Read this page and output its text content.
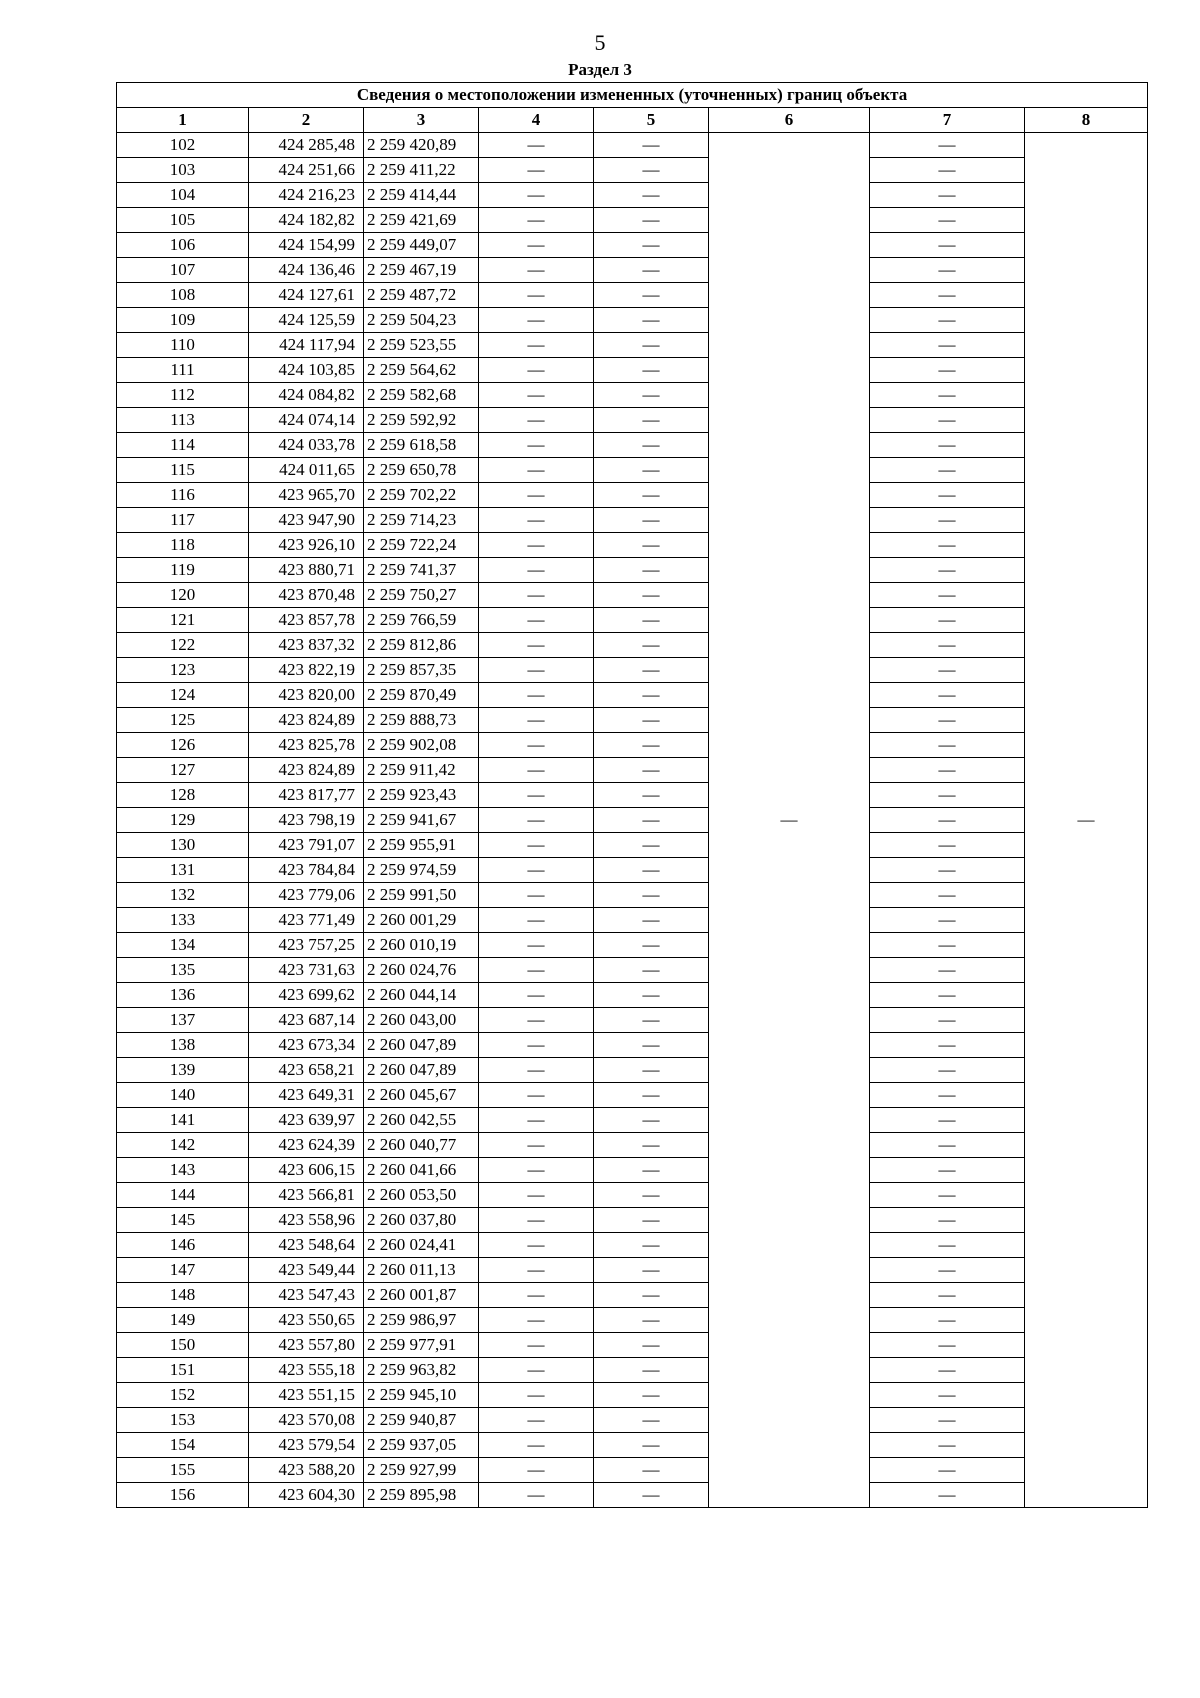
5
Раздел 3
Сведения о местоположении измененных (уточненных) границ объекта							
1	2	3	4	5	6	7	8
102	424 285,48	2 259 420,89	—	—	—	—	—
103	424 251,66	2 259 411,22	—	—		—	
104	424 216,23	2 259 414,44	—	—		—	
105	424 182,82	2 259 421,69	—	—		—	
106	424 154,99	2 259 449,07	—	—		—	
107	424 136,46	2 259 467,19	—	—		—	
108	424 127,61	2 259 487,72	—	—		—	
109	424 125,59	2 259 504,23	—	—		—	
110	424 117,94	2 259 523,55	—	—		—	
111	424 103,85	2 259 564,62	—	—		—	
112	424 084,82	2 259 582,68	—	—		—	
113	424 074,14	2 259 592,92	—	—		—	
114	424 033,78	2 259 618,58	—	—		—	
115	424 011,65	2 259 650,78	—	—		—	
116	423 965,70	2 259 702,22	—	—		—	
117	423 947,90	2 259 714,23	—	—		—	
118	423 926,10	2 259 722,24	—	—		—	
119	423 880,71	2 259 741,37	—	—		—	
120	423 870,48	2 259 750,27	—	—		—	
121	423 857,78	2 259 766,59	—	—		—	
122	423 837,32	2 259 812,86	—	—		—	
123	423 822,19	2 259 857,35	—	—		—	
124	423 820,00	2 259 870,49	—	—		—	
125	423 824,89	2 259 888,73	—	—		—	
126	423 825,78	2 259 902,08	—	—		—	
127	423 824,89	2 259 911,42	—	—		—	
128	423 817,77	2 259 923,43	—	—		—	
129	423 798,19	2 259 941,67	—	—		—	
130	423 791,07	2 259 955,91	—	—		—	
131	423 784,84	2 259 974,59	—	—		—	
132	423 779,06	2 259 991,50	—	—		—	
133	423 771,49	2 260 001,29	—	—		—	
134	423 757,25	2 260 010,19	—	—		—	
135	423 731,63	2 260 024,76	—	—		—	
136	423 699,62	2 260 044,14	—	—		—	
137	423 687,14	2 260 043,00	—	—		—	
138	423 673,34	2 260 047,89	—	—		—	
139	423 658,21	2 260 047,89	—	—		—	
140	423 649,31	2 260 045,67	—	—		—	
141	423 639,97	2 260 042,55	—	—		—	
142	423 624,39	2 260 040,77	—	—		—	
143	423 606,15	2 260 041,66	—	—		—	
144	423 566,81	2 260 053,50	—	—		—	
145	423 558,96	2 260 037,80	—	—		—	
146	423 548,64	2 260 024,41	—	—		—	
147	423 549,44	2 260 011,13	—	—		—	
148	423 547,43	2 260 001,87	—	—		—	
149	423 550,65	2 259 986,97	—	—		—	
150	423 557,80	2 259 977,91	—	—		—	
151	423 555,18	2 259 963,82	—	—		—	
152	423 551,15	2 259 945,10	—	—		—	
153	423 570,08	2 259 940,87	—	—		—	
154	423 579,54	2 259 937,05	—	—		—	
155	423 588,20	2 259 927,99	—	—		—	
156	423 604,30	2 259 895,98	—	—		—	
